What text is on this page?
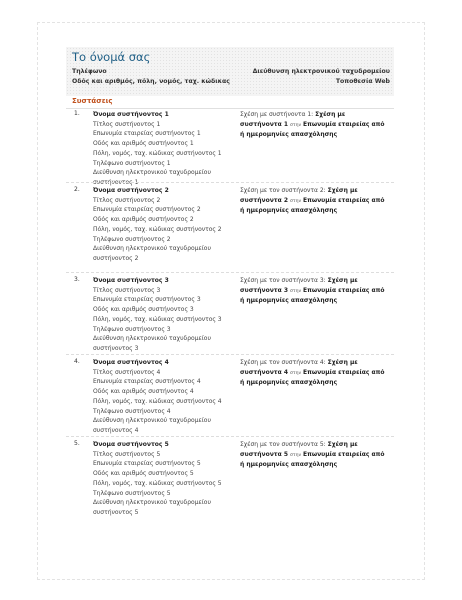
Το όνομά σας
Τηλέφωνο
Οδός και αριθμός, πόλη, νομός, ταχ. κώδικας
Διεύθυνση ηλεκτρονικού ταχυδρομείου
Τοποθεσία Web
Συστάσεις
1. Όνομα συστήνοντος 1
Τίτλος συστήνοντος 1
Επωνυμία εταιρείας συστήνοντος 1
Οδός και αριθμός συστήνοντος 1
Πόλη, νομός, ταχ. κώδικας συστήνοντος 1
Τηλέφωνο συστήνοντος 1
Διεύθυνση ηλεκτρονικού ταχυδρομείου
συστήνοντος 1
Σχέση με συστήνοντα 1: Σχέση με
συστήνοντα 1 στην Επωνυμία εταιρείας από
ή ημερομηνίες απασχόλησης
2. Όνομα συστήνοντος 2
Τίτλος συστήνοντος 2
Επωνυμία εταιρείας συστήνοντος 2
Οδός και αριθμός συστήνοντος 2
Πόλη, νομός, ταχ. κώδικας συστήνοντος 2
Τηλέφωνο συστήνοντος 2
Διεύθυνση ηλεκτρονικού ταχυδρομείου
συστήνοντος 2
Σχέση με τον συστήνοντα 2: Σχέση με
συστήνοντα 2 στην Επωνυμία εταιρείας από
ή ημερομηνίες απασχόλησης
3. Όνομα συστήνοντος 3
Τίτλος συστήνοντος 3
Επωνυμία εταιρείας συστήνοντος 3
Οδός και αριθμός συστήνοντος 3
Πόλη, νομός, ταχ. κώδικας συστήνοντος 3
Τηλέφωνο συστήνοντος 3
Διεύθυνση ηλεκτρονικού ταχυδρομείου
συστήνοντος 3
Σχέση με τον συστήνοντα 3: Σχέση με
συστήνοντα 3 στην Επωνυμία εταιρείας από
ή ημερομηνίες απασχόλησης
4. Όνομα συστήνοντος 4
Τίτλος συστήνοντος 4
Επωνυμία εταιρείας συστήνοντος 4
Οδός και αριθμός συστήνοντος 4
Πόλη, νομός, ταχ. κώδικας συστήνοντος 4
Τηλέφωνο συστήνοντος 4
Διεύθυνση ηλεκτρονικού ταχυδρομείου
συστήνοντος 4
Σχέση με τον συστήνοντα 4: Σχέση με
συστήνοντα 4 στην Επωνυμία εταιρείας από
ή ημερομηνίες απασχόλησης
5. Όνομα συστήνοντος 5
Τίτλος συστήνοντος 5
Επωνυμία εταιρείας συστήνοντος 5
Οδός και αριθμός συστήνοντος 5
Πόλη, νομός, ταχ. κώδικας συστήνοντος 5
Τηλέφωνο συστήνοντος 5
Διεύθυνση ηλεκτρονικού ταχυδρομείου
συστήνοντος 5
Σχέση με τον συστήνοντα 5: Σχέση με
συστήνοντα 5 στην Επωνυμία εταιρείας από
ή ημερομηνίες απασχόλησης
